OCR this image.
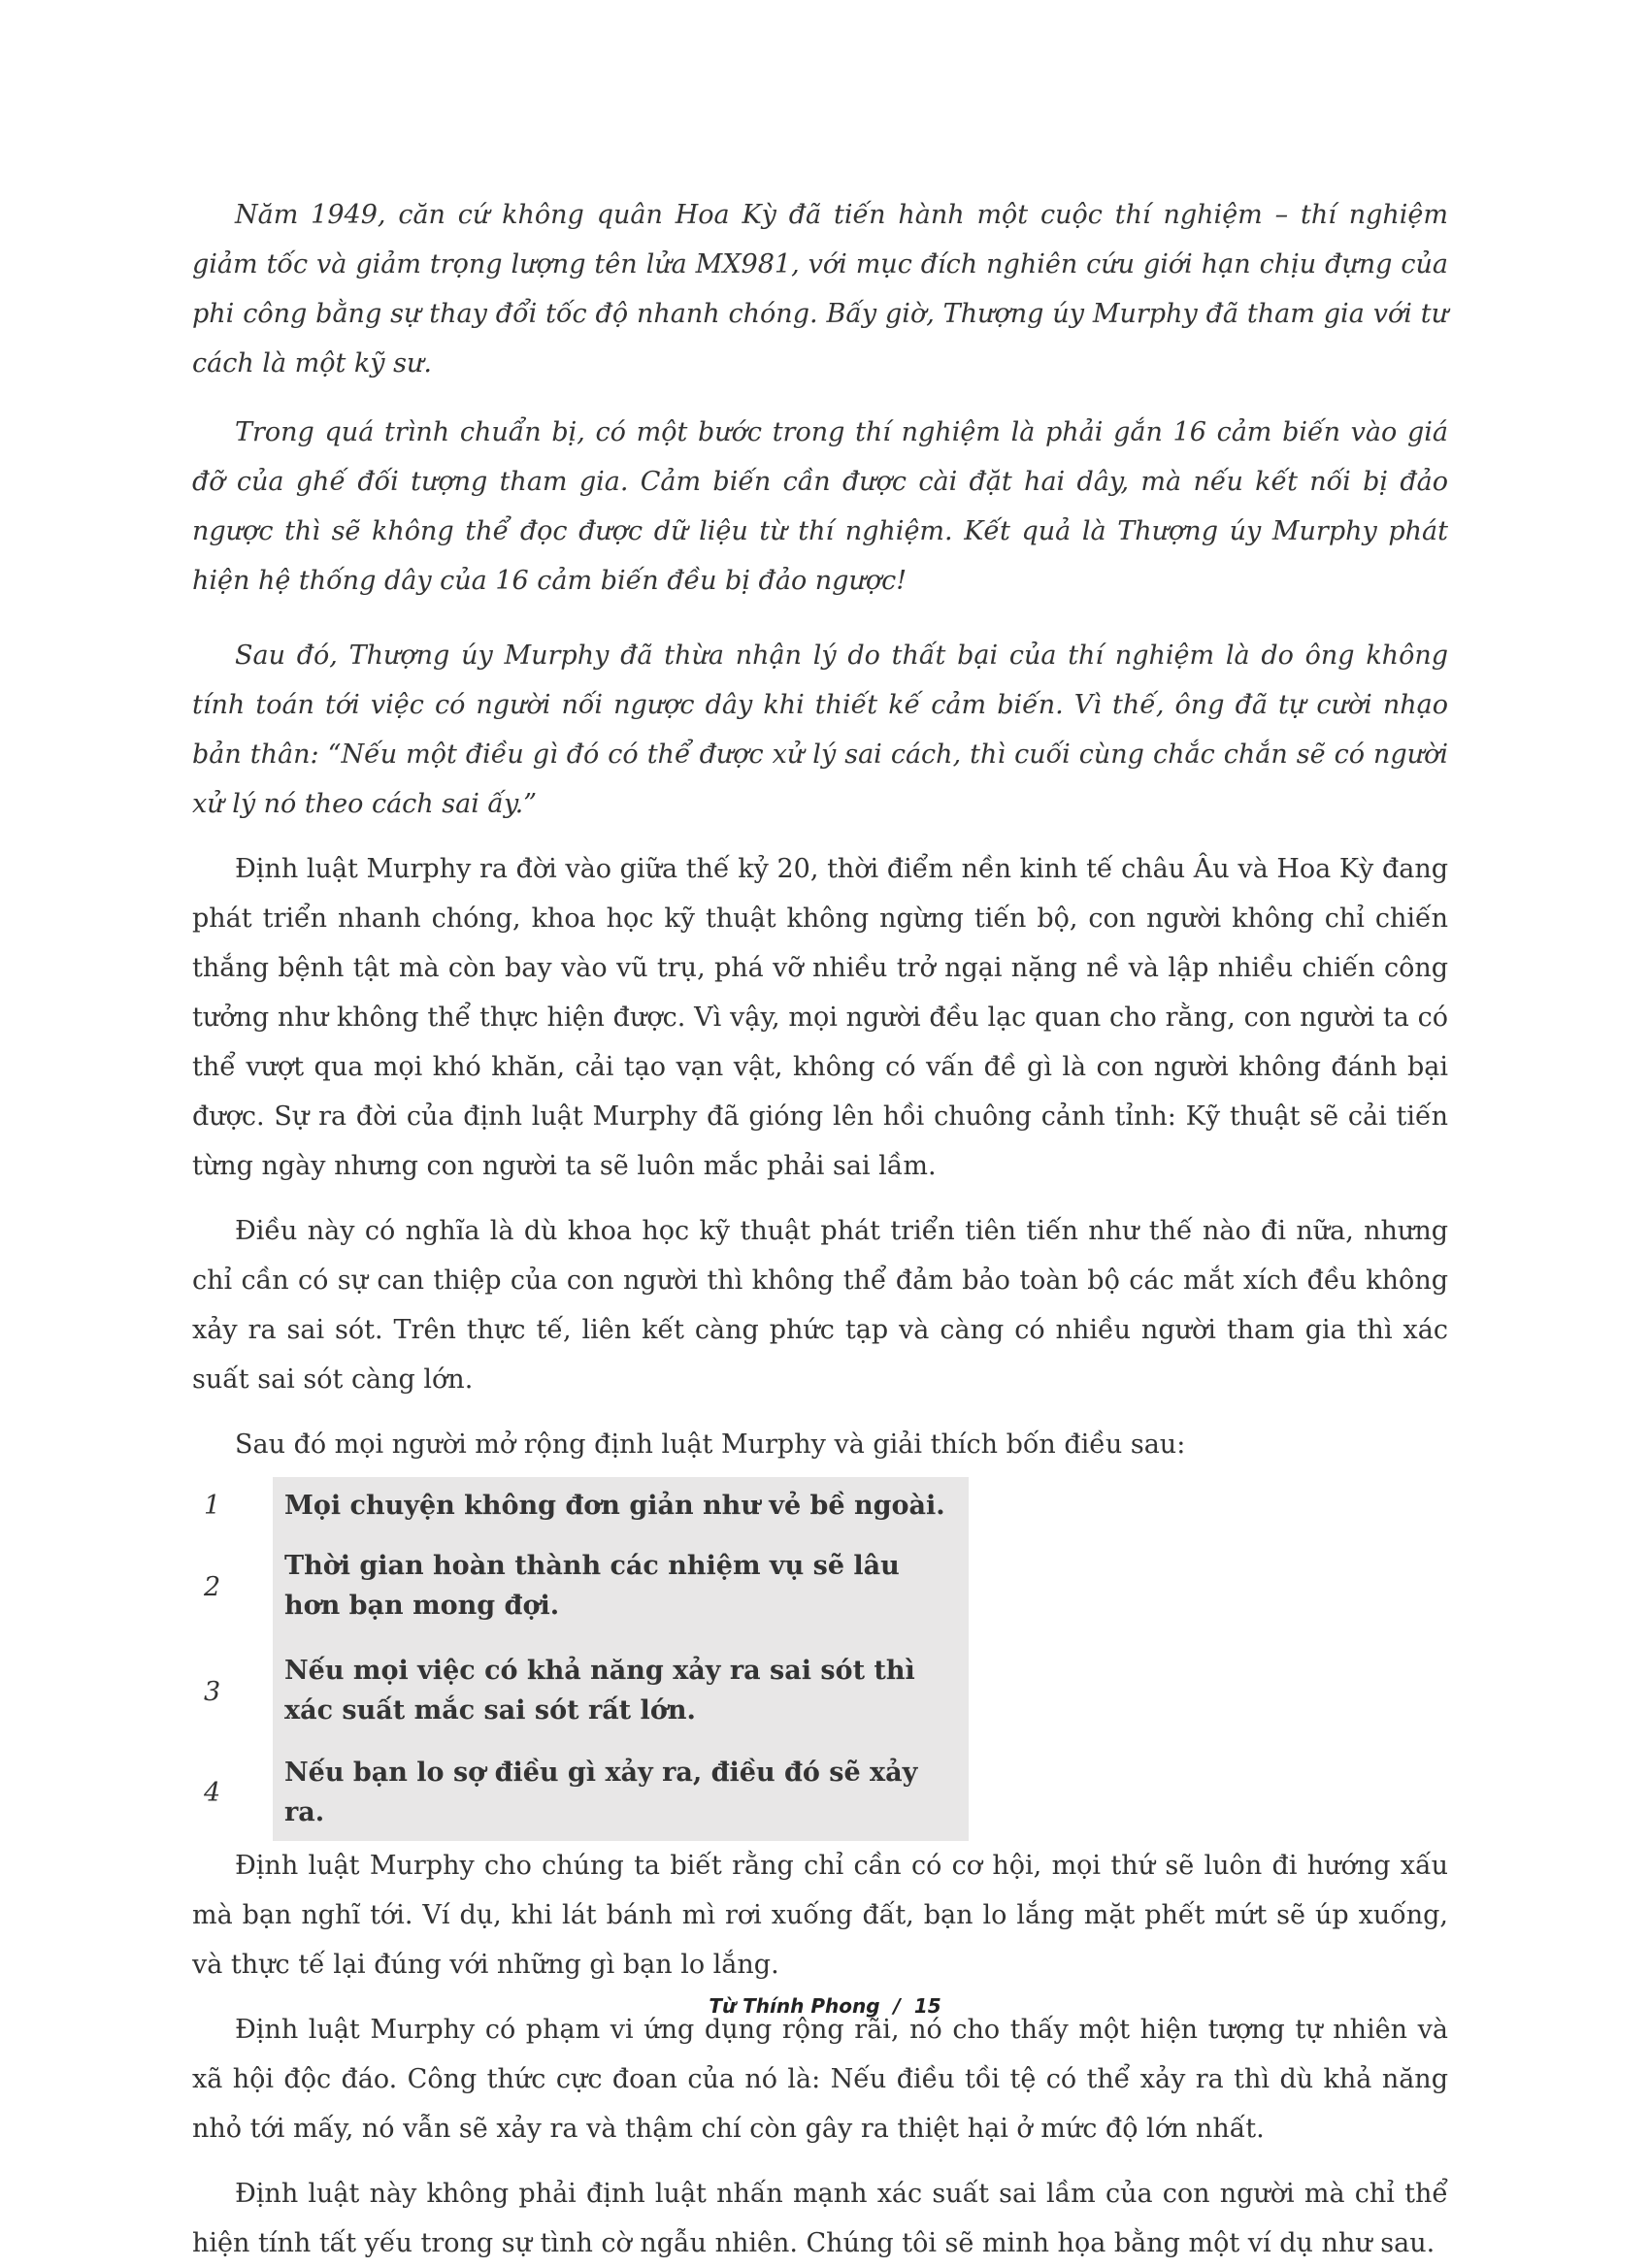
Năm 1949, căn cứ không quân Hoa Kỳ đã tiến hành một cuộc thí nghiệm – thí nghiệm giảm tốc và giảm trọng lượng tên lửa MX981, với mục đích nghiên cứu giới hạn chịu đựng của phi công bằng sự thay đổi tốc độ nhanh chóng. Bấy giờ, Thượng úy Murphy đã tham gia với tư cách là một kỹ sư.

Trong quá trình chuẩn bị, có một bước trong thí nghiệm là phải gắn 16 cảm biến vào giá đỡ của ghế đối tượng tham gia. Cảm biến cần được cài đặt hai dây, mà nếu kết nối bị đảo ngược thì sẽ không thể đọc được dữ liệu từ thí nghiệm. Kết quả là Thượng úy Murphy phát hiện hệ thống dây của 16 cảm biến đều bị đảo ngược!

Sau đó, Thượng úy Murphy đã thừa nhận lý do thất bại của thí nghiệm là do ông không tính toán tới việc có người nối ngược dây khi thiết kế cảm biến. Vì thế, ông đã tự cười nhạo bản thân: “Nếu một điều gì đó có thể được xử lý sai cách, thì cuối cùng chắc chắn sẽ có người xử lý nó theo cách sai ấy.”

Định luật Murphy ra đời vào giữa thế kỷ 20, thời điểm nền kinh tế châu Âu và Hoa Kỳ đang phát triển nhanh chóng, khoa học kỹ thuật không ngừng tiến bộ, con người không chỉ chiến thắng bệnh tật mà còn bay vào vũ trụ, phá vỡ nhiều trở ngại nặng nề và lập nhiều chiến công tưởng như không thể thực hiện được. Vì vậy, mọi người đều lạc quan cho rằng, con người ta có thể vượt qua mọi khó khăn, cải tạo vạn vật, không có vấn đề gì là con người không đánh bại được. Sự ra đời của định luật Murphy đã gióng lên hồi chuông cảnh tỉnh: Kỹ thuật sẽ cải tiến từng ngày nhưng con người ta sẽ luôn mắc phải sai lầm.

Điều này có nghĩa là dù khoa học kỹ thuật phát triển tiên tiến như thế nào đi nữa, nhưng chỉ cần có sự can thiệp của con người thì không thể đảm bảo toàn bộ các mắt xích đều không xảy ra sai sót. Trên thực tế, liên kết càng phức tạp và càng có nhiều người tham gia thì xác suất sai sót càng lớn.

Sau đó mọi người mở rộng định luật Murphy và giải thích bốn điều sau:

1	Mọi chuyện không đơn giản như vẻ bề ngoài.
2
Thời gian hoàn thành các nhiệm vụ sẽ lâu hơn bạn mong đợi.
3
Nếu mọi việc có khả năng xảy ra sai sót thì xác suất mắc sai sót rất lớn.
4
Nếu bạn lo sợ điều gì xảy ra, điều đó sẽ xảy ra.

Định luật Murphy cho chúng ta biết rằng chỉ cần có cơ hội, mọi thứ sẽ luôn đi hướng xấu mà bạn nghĩ tới. Ví dụ, khi lát bánh mì rơi xuống đất, bạn lo lắng mặt phết mứt sẽ úp xuống, và thực tế lại đúng với những gì bạn lo lắng.

Định luật Murphy có phạm vi ứng dụng rộng rãi, nó cho thấy một hiện tượng tự nhiên và xã hội độc đáo. Công thức cực đoan của nó là: Nếu điều tồi tệ có thể xảy ra thì dù khả năng nhỏ tới mấy, nó vẫn sẽ xảy ra và thậm chí còn gây ra thiệt hại ở mức độ lớn nhất.

Định luật này không phải định luật nhấn mạnh xác suất sai lầm của con người mà chỉ thể hiện tính tất yếu trong sự tình cờ ngẫu nhiên. Chúng tôi sẽ minh họa bằng một ví dụ như sau.

Từ Thính Phong / 15
